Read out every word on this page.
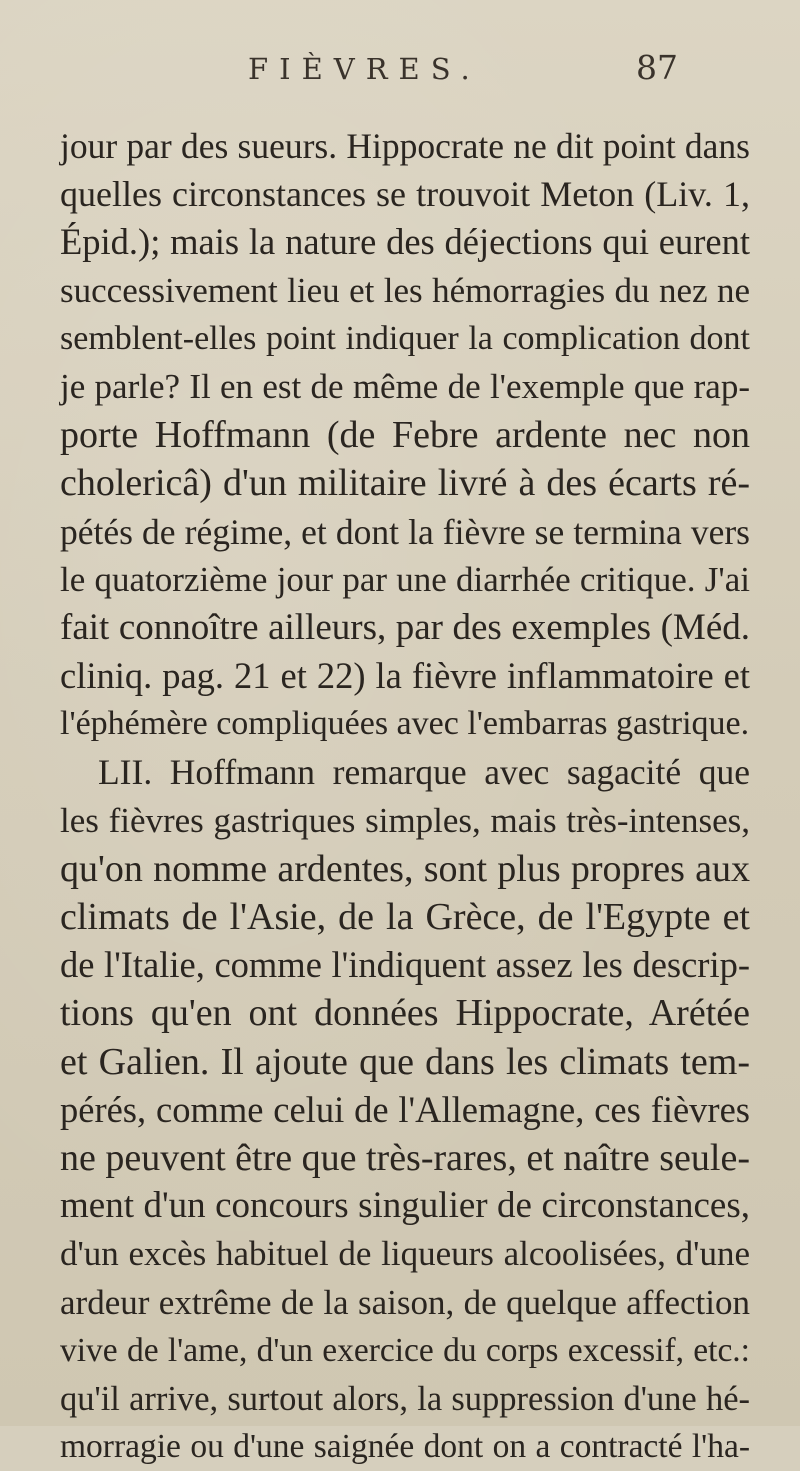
FIÈVRES.	87
jour par des sueurs. Hippocrate ne dit point dans
quelles circonstances se trouvoit Meton (Liv. 1,
Épid.); mais la nature des déjections qui eurent
successivement lieu et les hémorragies du nez ne
semblent-elles point indiquer la complication dont
je parle? Il en est de même de l'exemple que rap-
porte Hoffmann (de Febre ardente nec non
cholericâ) d'un militaire livré à des écarts ré-
pétés de régime, et dont la fièvre se termina vers
le quatorzième jour par une diarrhée critique. J'ai
fait connoître ailleurs, par des exemples (Méd.
cliniq. pag. 21 et 22) la fièvre inflammatoire et
l'éphémère compliquées avec l'embarras gastrique.
LII. Hoffmann remarque avec sagacité que
les fièvres gastriques simples, mais très-intenses,
qu'on nomme ardentes, sont plus propres aux
climats de l'Asie, de la Grèce, de l'Egypte et
de l'Italie, comme l'indiquent assez les descrip-
tions qu'en ont données Hippocrate, Arétée
et Galien. Il ajoute que dans les climats tem-
pérés, comme celui de l'Allemagne, ces fièvres
ne peuvent être que très-rares, et naître seule-
ment d'un concours singulier de circonstances,
d'un excès habituel de liqueurs alcoolisées, d'une
ardeur extrême de la saison, de quelque affection
vive de l'ame, d'un exercice du corps excessif, etc.:
qu'il arrive, surtout alors, la suppression d'une hé-
morragie ou d'une saignée dont on a contracté l'ha-
